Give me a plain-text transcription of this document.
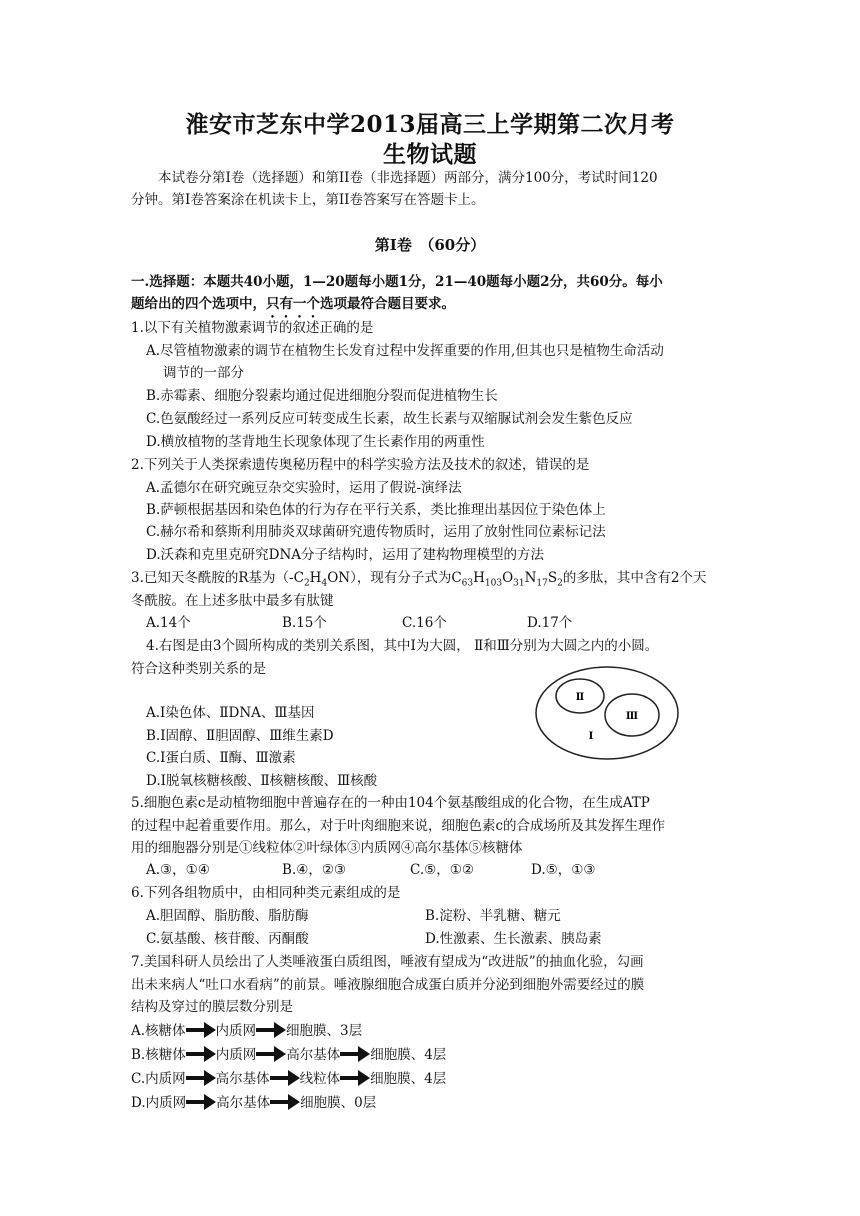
淮安市芝东中学2013届高三上学期第二次月考
生物试题
本试卷分第Ⅰ卷（选择题）和第II卷（非选择题）两部分，满分100分，考试时间120
分钟。第Ⅰ卷答案涂在机读卡上，第II卷答案写在答题卡上。
第Ⅰ卷　（60分）
一.选择题：本题共40小题，1—20题每小题1分，21—40题每小题2分，共60分。每小
题给出的四个选项中，只有一个选项最符合题目要求。
1.以下有关植物激素调节的叙述正确的是
A.尽管植物激素的调节在植物生长发育过程中发挥重要的作用,但其也只是植物生命活动
调节的一部分
B.赤霉素、细胞分裂素均通过促进细胞分裂而促进植物生长
C.色氨酸经过一系列反应可转变成生长素，故生长素与双缩脲试剂会发生紫色反应
D.横放植物的茎背地生长现象体现了生长素作用的两重性
2.下列关于人类探索遗传奥秘历程中的科学实验方法及技术的叙述，错误的是
A.孟德尔在研究豌豆杂交实验时，运用了假说-演绎法
B.萨顿根据基因和染色体的行为存在平行关系，类比推理出基因位于染色体上
C.赫尔希和蔡斯利用肺炎双球菌研究遗传物质时，运用了放射性同位素标记法
D.沃森和克里克研究DNA分子结构时，运用了建构物理模型的方法
3.已知天冬酰胺的R基为$(-C_2H_4ON)$，现有分子式为$C_{63}H_{103}O_{31}N_{17}S_2$的多肽，其中含有2个天
冬酰胺。在上述多肽中最多有肽键
A.14个	B.15个	C.16个	D.17个
4.右图是由3个圆所构成的类别关系图，其中Ⅰ为大圆， Ⅱ和Ⅲ分别为大圆之内的小圆。
符合这种类别关系的是
A.Ⅰ染色体、ⅡDNA、Ⅲ基因
B.Ⅰ固醇、Ⅱ胆固醇、Ⅲ维生素D
C.Ⅰ蛋白质、Ⅱ酶、Ⅲ激素
D.Ⅰ脱氧核糖核酸、Ⅱ核糖核酸、Ⅲ核酸
Ⅱ
Ⅲ
Ⅰ
5.细胞色素c是动植物细胞中普遍存在的一种由104个氨基酸组成的化合物，在生成ATP
的过程中起着重要作用。那么，对于叶肉细胞来说，细胞色素c的合成场所及其发挥生理作
用的细胞器分别是①线粒体②叶绿体③内质网④高尔基体⑤核糖体
A.③，①④	B.④，②③	C.⑤，①②	D.⑤，①③
6.下列各组物质中，由相同种类元素组成的是
A.胆固醇、脂肪酸、脂肪酶	B.淀粉、半乳糖、糖元
C.氨基酸、核苷酸、丙酮酸	D.性激素、生长激素、胰岛素
7.美国科研人员绘出了人类唾液蛋白质组图，唾液有望成为“改进版”的抽血化验，勾画
出未来病人“吐口水看病”的前景。唾液腺细胞合成蛋白质并分泌到细胞外需要经过的膜
结构及穿过的膜层数分别是
A.核糖体 内质网 细胞膜、3层
B.核糖体 内质网 高尔基体 细胞膜、4层
C.内质网 高尔基体 线粒体 细胞膜、4层
D.内质网 高尔基体 细胞膜、0层
